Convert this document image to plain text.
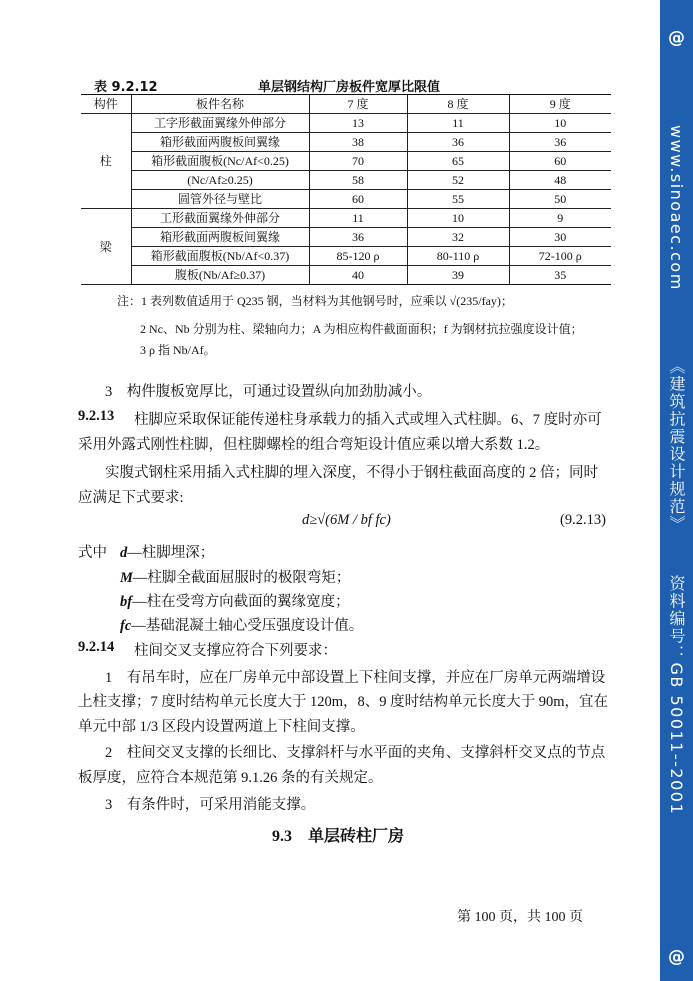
@
www.sinoaec.com
《建筑抗震设计规范》
资料编号：GB 50011--2001
@
表 9.2.12	单层钢结构厂房板件宽厚比限值
构件	板件名称	7 度	8 度	9 度
柱	工字形截面翼缘外伸部分	13	11	10
	箱形截面两腹板间翼缘	38	36	36
	箱形截面腹板(Nc/Af<0.25)	70	65	60
	(Nc/Af≥0.25)	58	52	48
	圆管外径与壁比	60	55	50
梁	工形截面翼缘外伸部分	11	10	9
	箱形截面两腹板间翼缘	36	32	30
	箱形截面腹板(Nb/Af<0.37)	85-120 ρ	80-110 ρ	72-100 ρ
	腹板(Nb/Af≥0.37)	40	39	35
注：1 表列数值适用于 Q235 钢，当材料为其他钢号时，应乘以 √(235/fay)；
2 Nc、Nb 分别为柱、梁轴向力；A 为相应构件截面面积；f 为钢材抗拉强度设计值；
3 ρ 指 Nb/Af。
3　构件腹板宽厚比，可通过设置纵向加劲肋减小。
9.2.13 柱脚应采取保证能传递柱身承载力的插入式或埋入式柱脚。6、7 度时亦可
采用外露式刚性柱脚，但柱脚螺栓的组合弯矩设计值应乘以增大系数 1.2。
实腹式钢柱采用插入式柱脚的埋入深度，不得小于钢柱截面高度的 2 倍；同时
应满足下式要求:
d≥√(6M / bf fc)	(9.2.13)
式中 d—柱脚埋深；
M—柱脚全截面屈服时的极限弯矩；
bf—柱在受弯方向截面的翼缘宽度；
fc—基础混凝土轴心受压强度设计值。
9.2.14 柱间交叉支撑应符合下列要求：
1　有吊车时，应在厂房单元中部设置上下柱间支撑，并应在厂房单元两端增设
上柱支撑；7 度时结构单元长度大于 120m，8、9 度时结构单元长度大于 90m，宜在
单元中部 1/3 区段内设置两道上下柱间支撑。
2　柱间交叉支撑的长细比、支撑斜杆与水平面的夹角、支撑斜杆交叉点的节点
板厚度，应符合本规范第 9.1.26 条的有关规定。
3　有条件时，可采用消能支撑。
9.3　单层砖柱厂房
第 100 页，共 100 页
